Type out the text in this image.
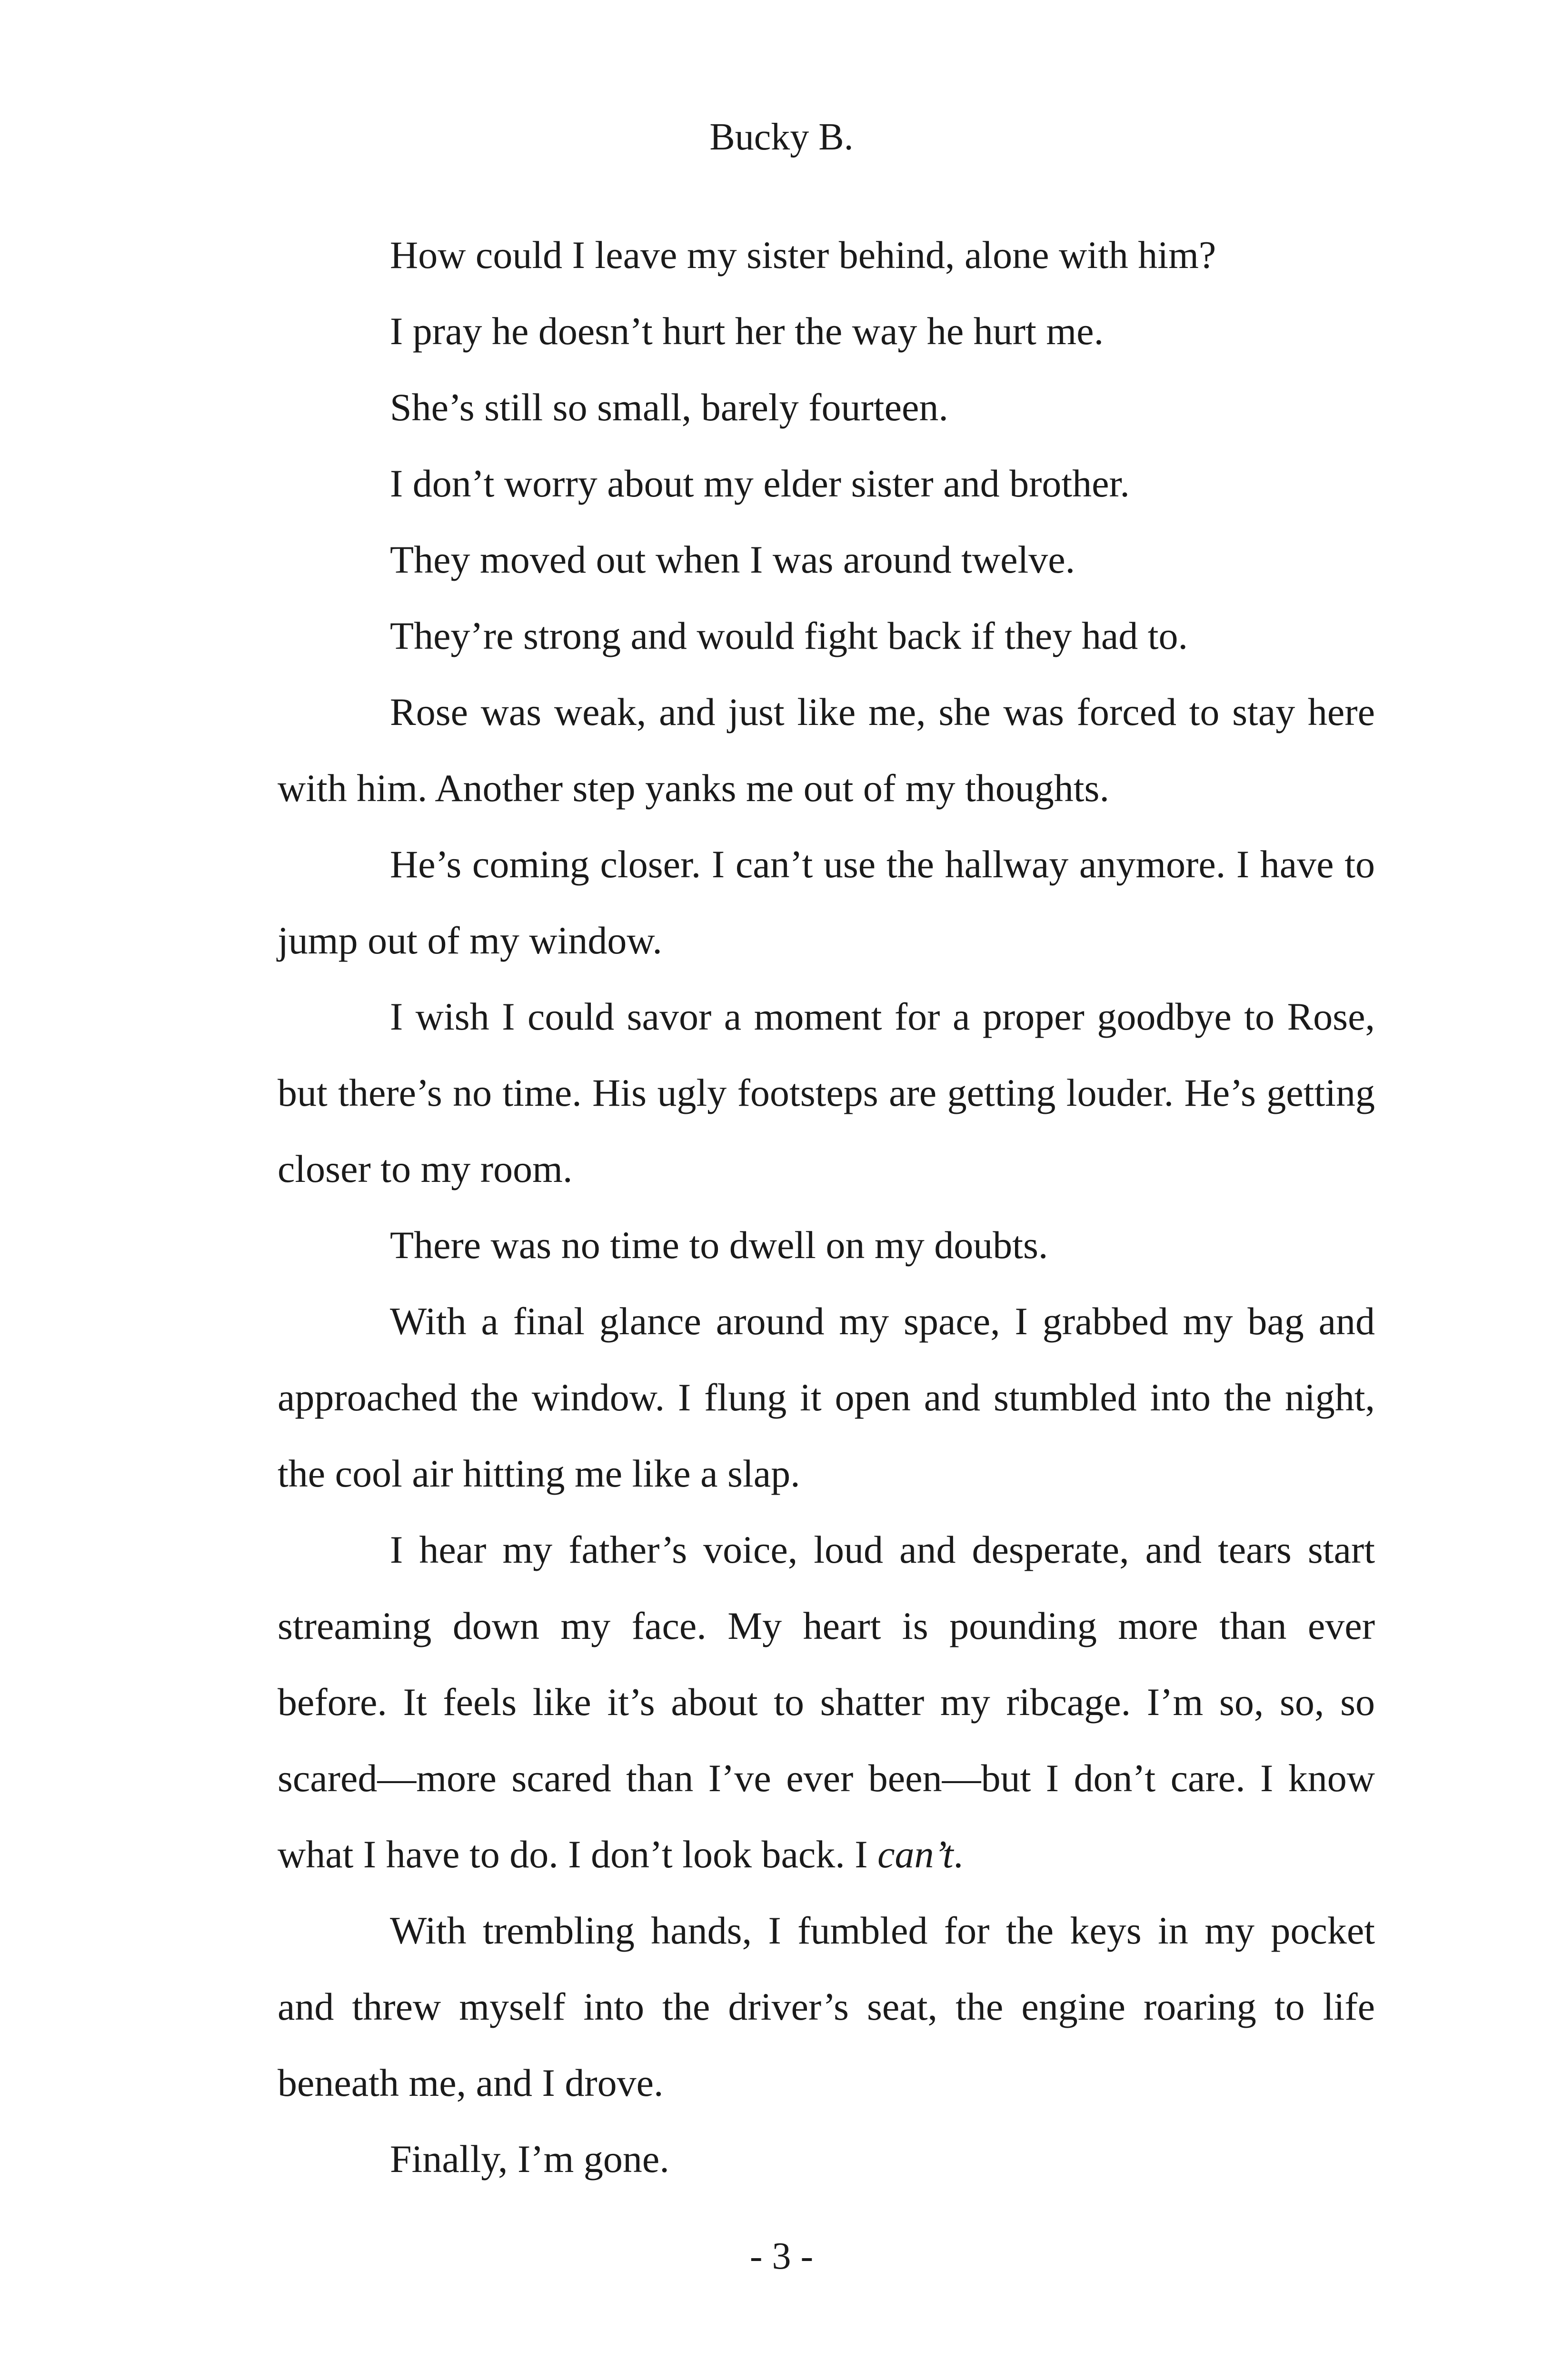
Bucky B.

How could I leave my sister behind, alone with him?

I pray he doesn’t hurt her the way he hurt me.

She’s still so small, barely fourteen.

I don’t worry about my elder sister and brother.

They moved out when I was around twelve.

They’re strong and would fight back if they had to.

Rose was weak, and just like me, she was forced to stay here with him. Another step yanks me out of my thoughts.

He’s coming closer. I can’t use the hallway anymore. I have to jump out of my window.

I wish I could savor a moment for a proper goodbye to Rose, but there’s no time. His ugly footsteps are getting louder. He’s getting closer to my room.

There was no time to dwell on my doubts.

With a final glance around my space, I grabbed my bag and approached the window. I flung it open and stumbled into the night, the cool air hitting me like a slap.

I hear my father’s voice, loud and desperate, and tears start streaming down my face. My heart is pounding more than ever before. It feels like it’s about to shatter my ribcage. I’m so, so, so scared—more scared than I’ve ever been—but I don’t care. I know what I have to do. I don’t look back. I can’t.

With trembling hands, I fumbled for the keys in my pocket and threw myself into the driver’s seat, the engine roaring to life beneath me, and I drove.

Finally, I’m gone.

- 3 -
